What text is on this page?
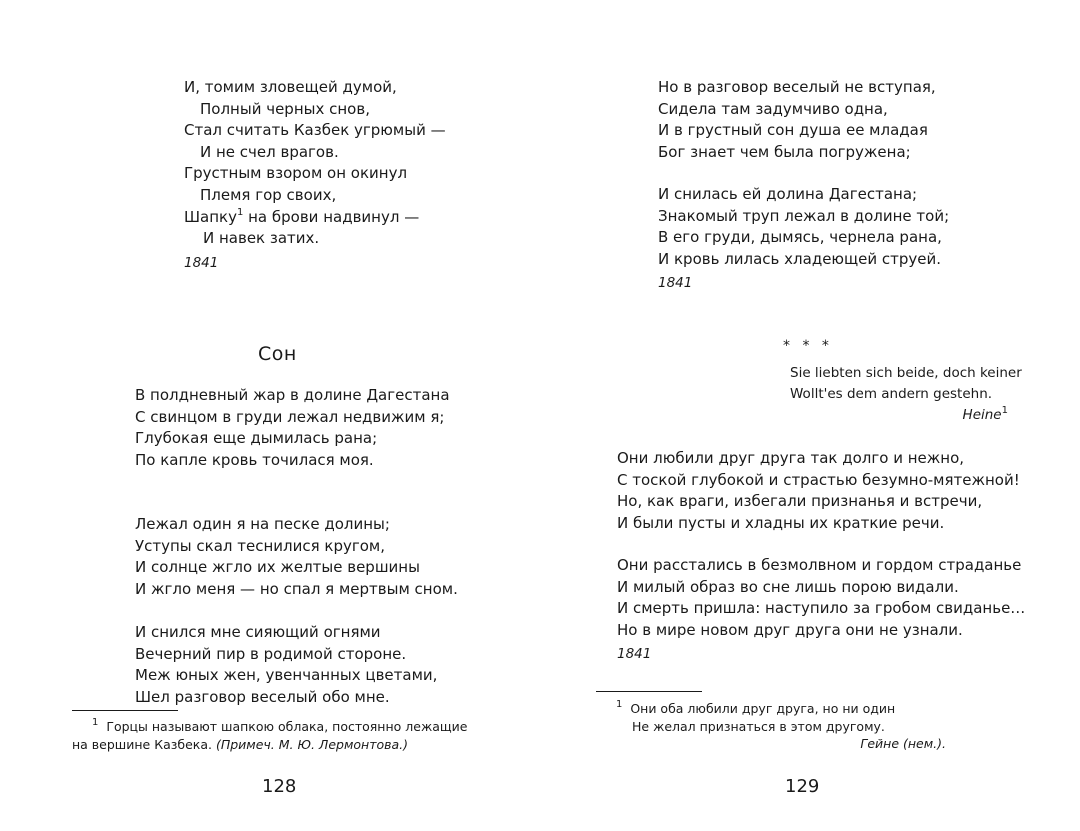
И, томим зловещей думой,
Полный черных снов,
Стал считать Казбек угрюмый —
И не счел врагов.
Грустным взором он окинул
Племя гор своих,
Шапку$^1$ на брови надвинул —
И навек затих.
1841
Сон
В полдневный жар в долине Дагестана
С свинцом в груди лежал недвижим я;
Глубокая еще дымилась рана;
По капле кровь точилася моя.
Лежал один я на песке долины;
Уступы скал теснилися кругом,
И солнце жгло их желтые вершины
И жгло меня — но спал я мертвым сном.
И снился мне сияющий огнями
Вечерний пир в родимой стороне.
Меж юных жен, увенчанных цветами,
Шел разговор веселый обо мне.
$^1$ Горцы называют шапкою облака, постоянно лежащие
на вершине Казбека. (Примеч. М. Ю. Лермонтова.)
128
Но в разговор веселый не вступая,
Сидела там задумчиво одна,
И в грустный сон душа ее младая
Бог знает чем была погружена;
И снилась ей долина Дагестана;
Знакомый труп лежал в долине той;
В его груди, дымясь, чернела рана,
И кровь лилась хладеющей струей.
1841
* * *
Sie liebten sich beide, doch keiner
Wollt'es dem andern gestehn.
Heine$^1$
Они любили друг друга так долго и нежно,
С тоской глубокой и страстью безумно-мятежной!
Но, как враги, избегали признанья и встречи,
И были пусты и хладны их краткие речи.
Они расстались в безмолвном и гордом страданье
И милый образ во сне лишь порою видали.
И смерть пришла: наступило за гробом свиданье…
Но в мире новом друг друга они не узнали.
1841
$^1$ Они оба любили друг друга, но ни один
Не желал признаться в этом другому.
Гейне (нем.).
129
